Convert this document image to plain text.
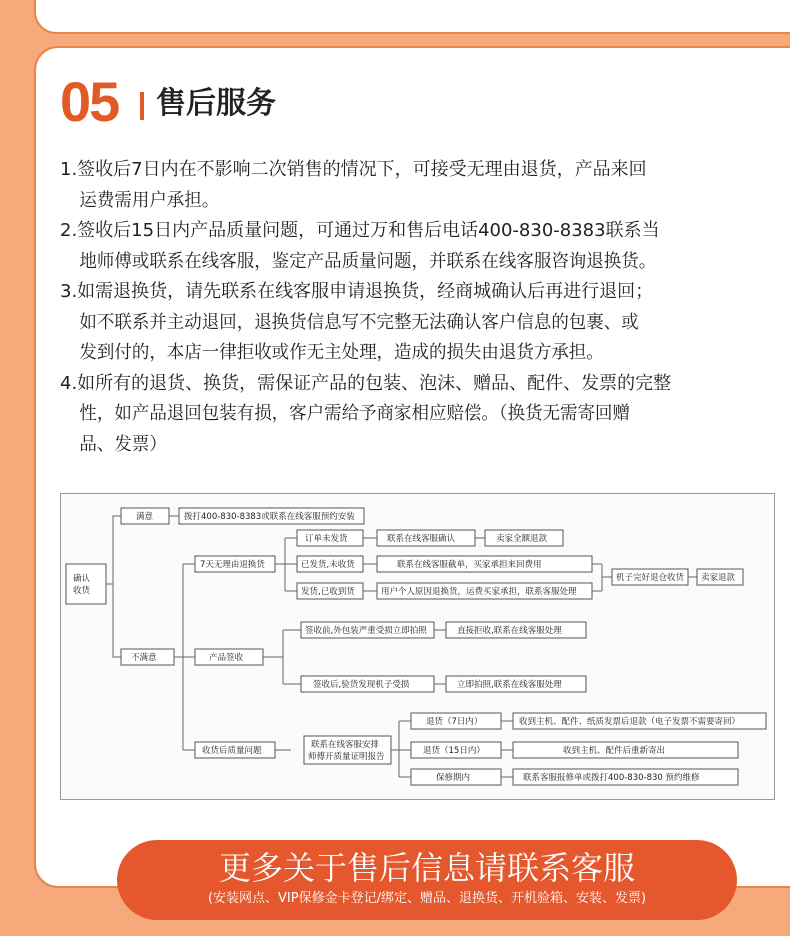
05 售后服务
1.签收后7日内在不影响二次销售的情况下，可接受无理由退货，产品来回
运费需用户承担。
2.签收后15日内产品质量问题，可通过万和售后电话400-830-8383联系当
地师傅或联系在线客服，鉴定产品质量问题，并联系在线客服咨询退换货。
3.如需退换货，请先联系在线客服申请退换货，经商城确认后再进行退回；
如不联系并主动退回，退换货信息写不完整无法确认客户信息的包裹、或
发到付的，本店一律拒收或作无主处理，造成的损失由退货方承担。
4.如所有的退货、换货，需保证产品的包装、泡沫、赠品、配件、发票的完整
性，如产品退回包装有损，客户需给予商家相应赔偿。（换货无需寄回赠
品、发票）
确认
收货
满意	拨打400-830-8383或联系在线客服预约安装
不满意
7天无理由退换货
订单未发货	联系在线客服确认	卖家全额退款
已发货,未收货	联系在线客服截单，买家承担来回费用
发货,已收到货	用户个人原因退换货，运费买家承担，联系客服处理
机子完好退仓收货 卖家退款
产品签收
签收前,外包装严重受损立即拍照	直接拒收,联系在线客服处理
签收后,验货发现机子受损	立即拍照,联系在线客服处理
收货后质量问题
联系在线客服安排
师傅开质量证明报告
退货（7日内）	收到主机、配件、纸质发票后退款（电子发票不需要寄回）
退货（15日内）	收到主机、配件后重新寄出
保修期内	联系客服报修单或拨打400-830-830 预约维修
更多关于售后信息请联系客服
(安装网点、VIP保修金卡登记/绑定、赠品、退换货、开机验箱、安装、发票)
